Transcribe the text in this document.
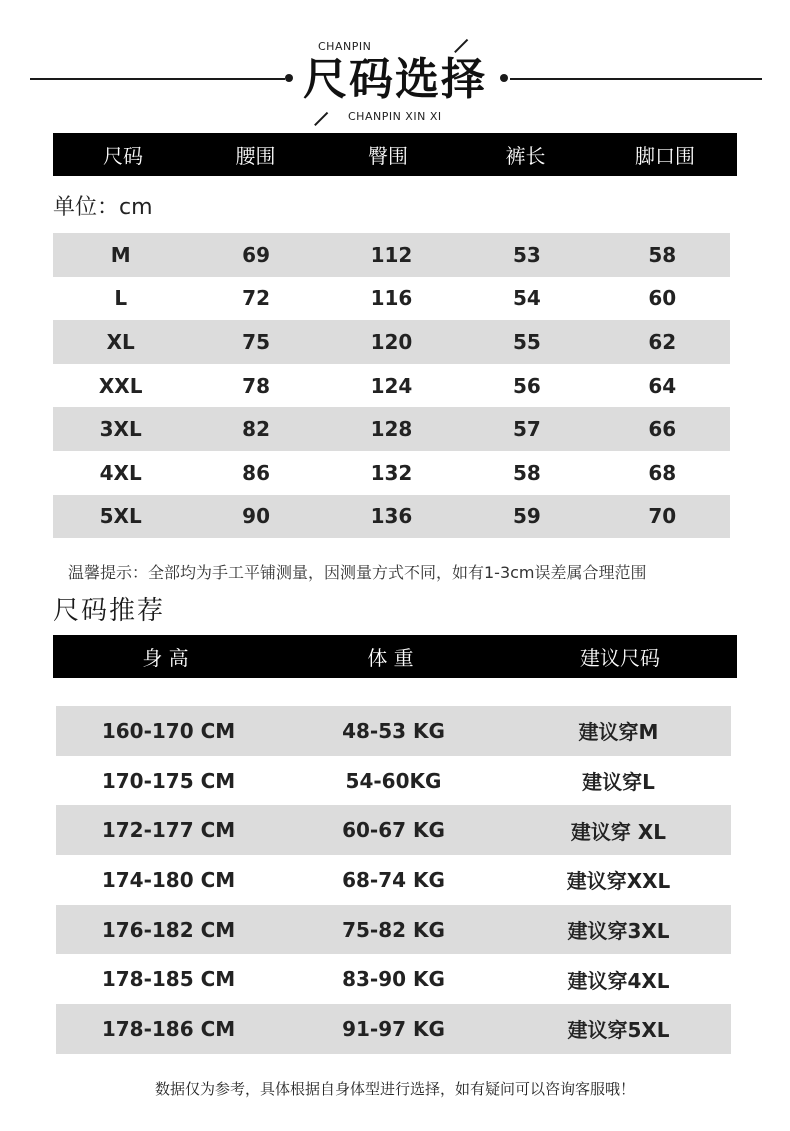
CHANPIN
尺码选择
CHANPIN XIN XI
尺码	腰围	臀围	裤长	脚口围
单位：cm
M	69	112	53	58
L	72	116	54	60
XL	75	120	55	62
XXL	78	124	56	64
3XL	82	128	57	66
4XL	86	132	58	68
5XL	90	136	59	70
温馨提示：全部均为手工平铺测量，因测量方式不同，如有1-3cm误差属合理范围
尺码推荐
身 高	体 重	建议尺码
160-170 CM	48-53 KG	建议穿M
170-175 CM	54-60KG	建议穿L
172-177 CM	60-67 KG	建议穿 XL
174-180 CM	68-74 KG	建议穿XXL
176-182 CM	75-82 KG	建议穿3XL
178-185 CM	83-90 KG	建议穿4XL
178-186 CM	91-97 KG	建议穿5XL
数据仅为参考，具体根据自身体型进行选择，如有疑问可以咨询客服哦！
